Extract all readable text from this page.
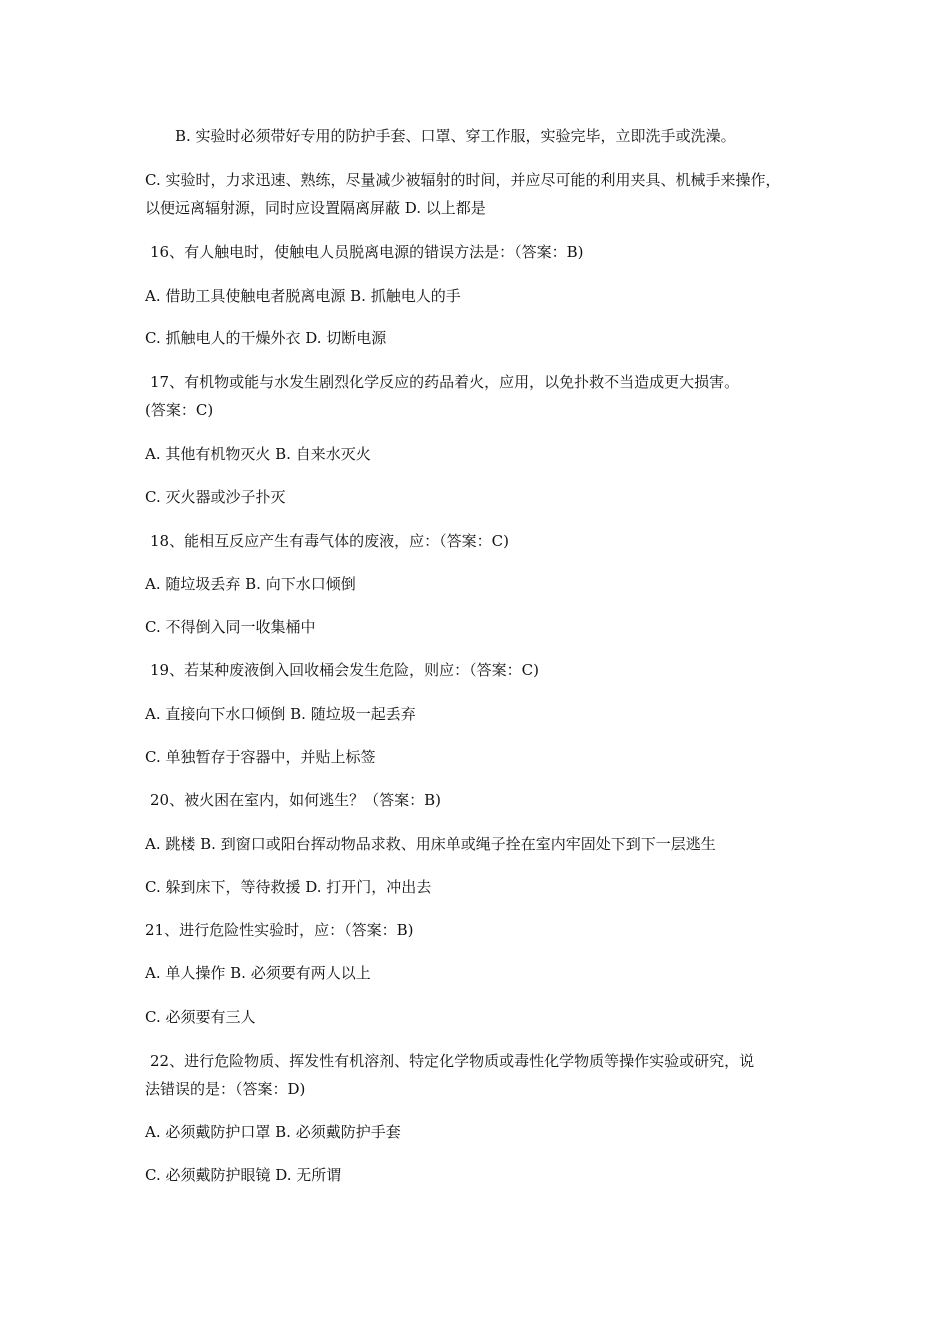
B. 实验时必须带好专用的防护手套、口罩、穿工作服，实验完毕，立即洗手或洗澡。
C. 实验时，力求迅速、熟练，尽量减少被辐射的时间，并应尽可能的利用夹具、机械手来操作，
以便远离辐射源，同时应设置隔离屏蔽 D. 以上都是
16、有人触电时，使触电人员脱离电源的错误方法是：（答案：B)
A. 借助工具使触电者脱离电源 B. 抓触电人的手
C. 抓触电人的干燥外衣 D. 切断电源
17、有机物或能与水发生剧烈化学反应的药品着火，应用，以免扑救不当造成更大损害。
(答案：C)
A. 其他有机物灭火 B. 自来水灭火
C. 灭火器或沙子扑灭
18、能相互反应产生有毒气体的废液，应：（答案：C)
A. 随垃圾丢弃 B. 向下水口倾倒
C. 不得倒入同一收集桶中
19、若某种废液倒入回收桶会发生危险，则应：（答案：C)
A. 直接向下水口倾倒 B. 随垃圾一起丢弃
C. 单独暂存于容器中，并贴上标签
20、被火困在室内，如何逃生？（答案：B)
A. 跳楼 B. 到窗口或阳台挥动物品求救、用床单或绳子拴在室内牢固处下到下一层逃生
C. 躲到床下，等待救援 D. 打开门，冲出去
21、进行危险性实验时，应：（答案：B)
A. 单人操作 B. 必须要有两人以上
C. 必须要有三人
22、进行危险物质、挥发性有机溶剂、特定化学物质或毒性化学物质等操作实验或研究，说
法错误的是：（答案：D)
A. 必须戴防护口罩 B. 必须戴防护手套
C. 必须戴防护眼镜 D. 无所谓
